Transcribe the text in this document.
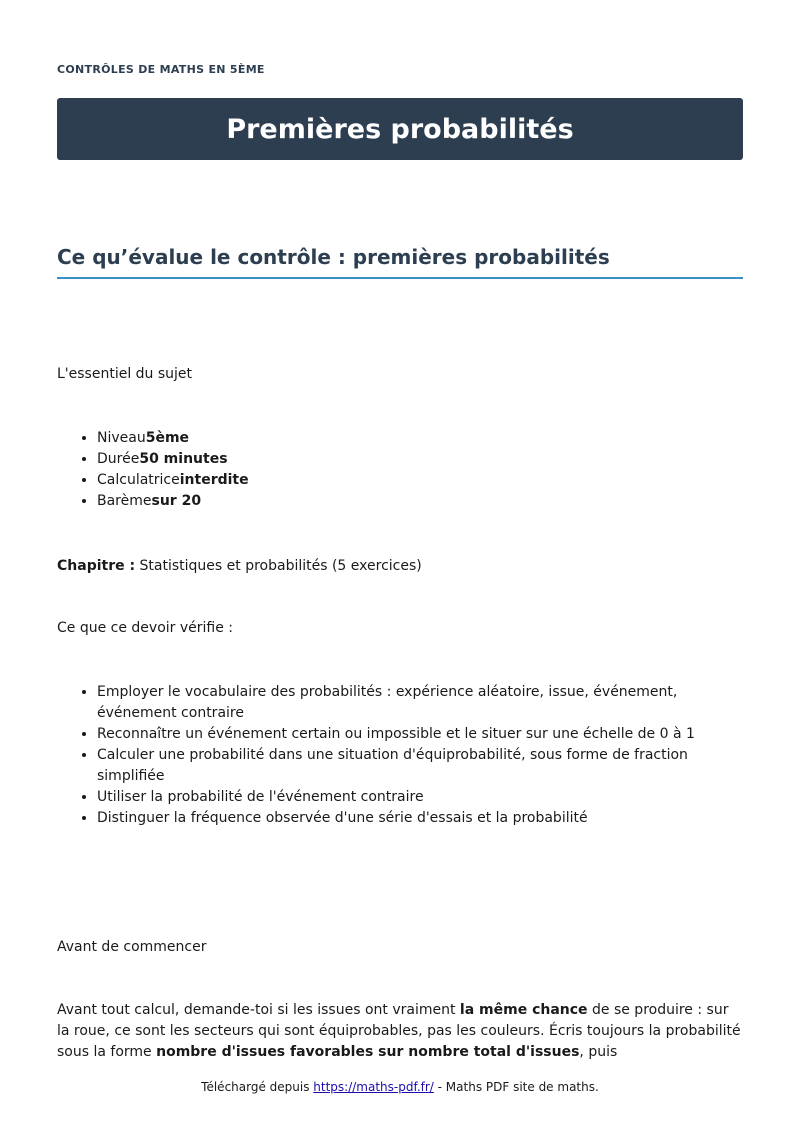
CONTRÔLES DE MATHS EN 5ÈME
Premières probabilités
Ce qu’évalue le contrôle : premières probabilités
L'essentiel du sujet
• Niveau5ème
• Durée50 minutes
• Calculatriceinterdite
• Barèmesur 20
Chapitre : Statistiques et probabilités (5 exercices)
Ce que ce devoir vérifie :
• Employer le vocabulaire des probabilités : expérience aléatoire, issue, événement, événement contraire
• Reconnaître un événement certain ou impossible et le situer sur une échelle de 0 à 1
• Calculer une probabilité dans une situation d'équiprobabilité, sous forme de fraction simplifiée
• Utiliser la probabilité de l'événement contraire
• Distinguer la fréquence observée d'une série d'essais et la probabilité
Avant de commencer
Avant tout calcul, demande-toi si les issues ont vraiment la même chance de se produire : sur la roue, ce sont les secteurs qui sont équiprobables, pas les couleurs. Écris toujours la probabilité sous la forme nombre d'issues favorables sur nombre total d'issues, puis
Téléchargé depuis https://maths-pdf.fr/ - Maths PDF site de maths.
